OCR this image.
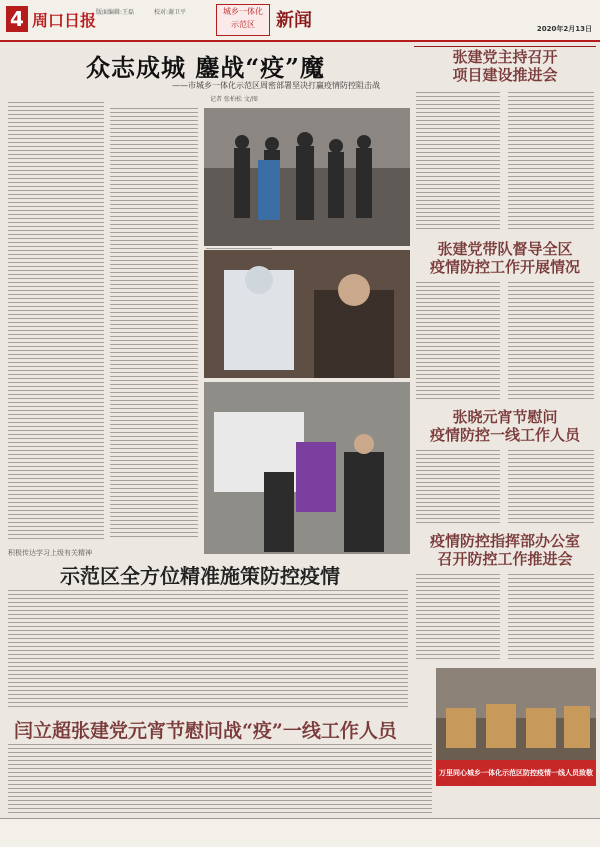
4 周口日报 版面编辑:王磊	校对:谢卫平	城乡一体化
示范区	新闻	2020年2月13日
众志成城 鏖战“疫”魔
——市城乡一体化示范区周密部署坚决打赢疫情防控阻击战
记者 张柏松 文/图
张建党主持召开
项目建设推进会
张建党带队督导全区
疫情防控工作开展情况
张晓元宵节慰问
疫情防控一线工作人员
疫情防控指挥部办公室
召开防控工作推进会
万里同心城乡一体化示范区防控疫情一线人员致敬
积极传达学习上级有关精神
示范区全方位精准施策防控疫情
闫立超张建党元宵节慰问战“疫”一线工作人员
